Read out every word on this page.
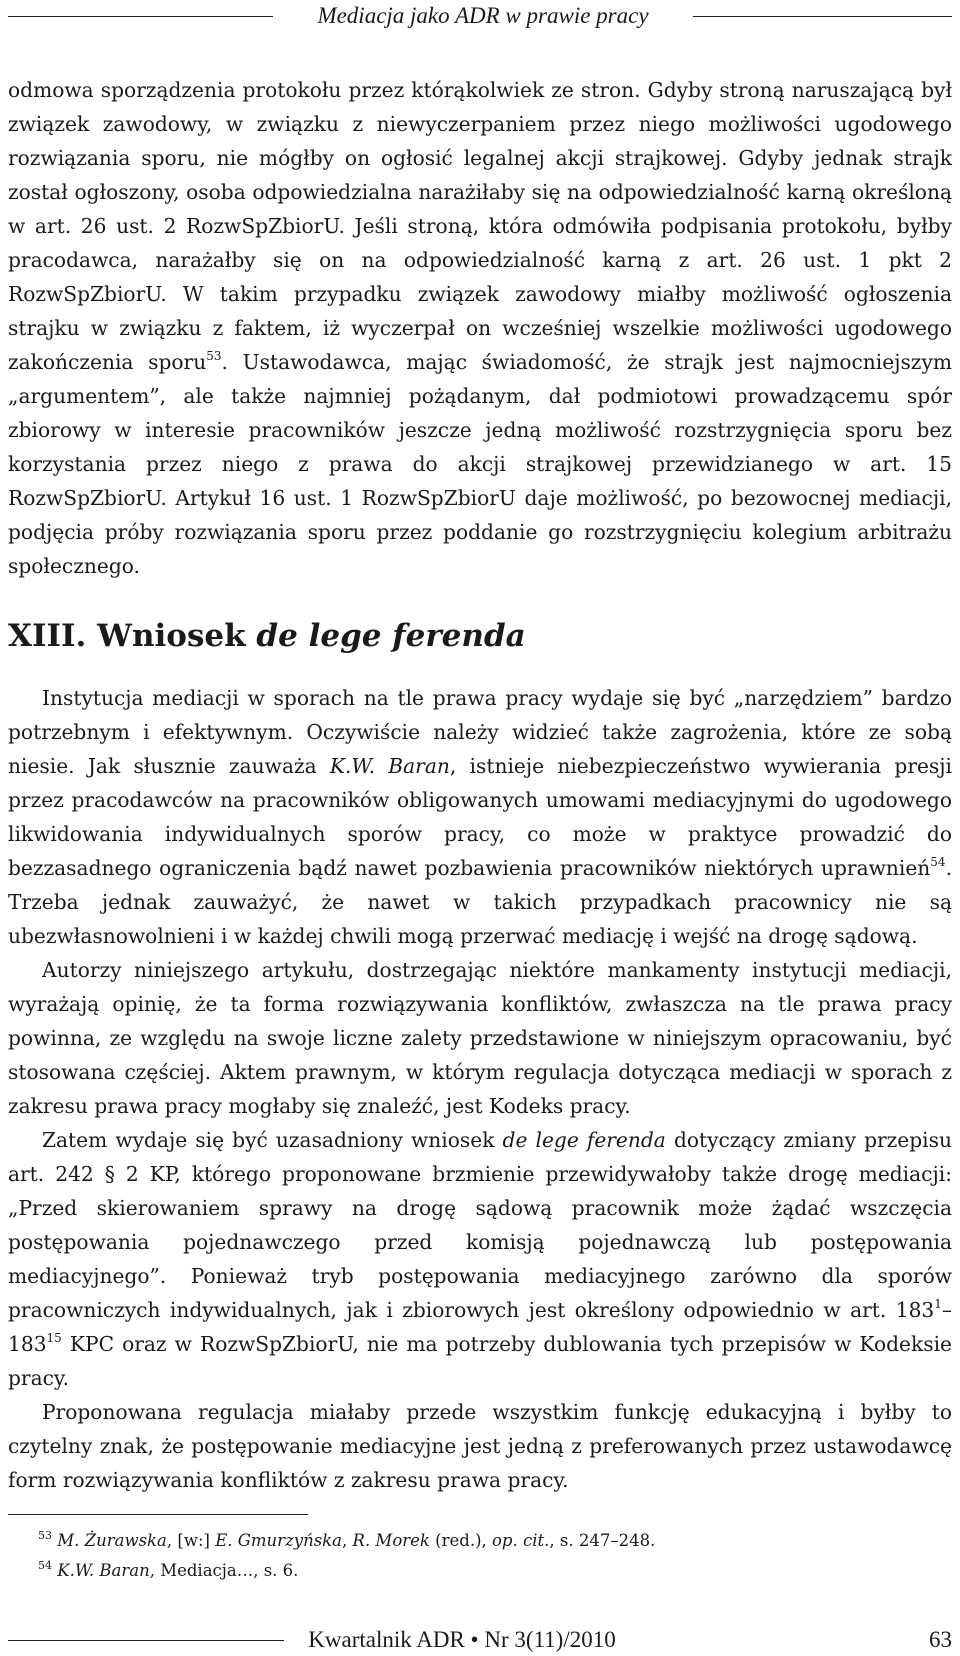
Mediacja jako ADR w prawie pracy

odmowa sporządzenia protokołu przez którąkolwiek ze stron. Gdyby stroną naruszającą był związek zawodowy, w związku z niewyczerpaniem przez niego możliwości ugodowego rozwiązania sporu, nie mógłby on ogłosić legalnej akcji strajkowej. Gdyby jednak strajk został ogłoszony, osoba odpowiedzialna narażiłaby się na odpowiedzialność karną określoną w art. 26 ust. 2 RozwSpZbiorU. Jeśli stroną, która odmówiła podpisania protokołu, byłby pracodawca, narażałby się on na odpowiedzialność karną z art. 26 ust. 1 pkt 2 RozwSpZbiorU. W takim przypadku związek zawodowy miałby możliwość ogłoszenia strajku w związku z faktem, iż wyczerpał on wcześniej wszelkie możliwości ugodowego zakończenia sporu$^{53}$. Ustawodawca, mając świadomość, że strajk jest najmocniejszym „argumentem”, ale także najmniej pożądanym, dał podmiotowi prowadzącemu spór zbiorowy w interesie pracowników jeszcze jedną możliwość rozstrzygnięcia sporu bez korzystania przez niego z prawa do akcji strajkowej przewidzianego w art. 15 RozwSpZbiorU. Artykuł 16 ust. 1 RozwSpZbiorU daje możliwość, po bezowocnej mediacji, podjęcia próby rozwiązania sporu przez poddanie go rozstrzygnięciu kolegium arbitrażu społecznego.

XIII. Wniosek de lege ferenda

Instytucja mediacji w sporach na tle prawa pracy wydaje się być „narzędziem” bardzo potrzebnym i efektywnym. Oczywiście należy widzieć także zagrożenia, które ze sobą niesie. Jak słusznie zauważa K.W. Baran, istnieje niebezpieczeństwo wywierania presji przez pracodawców na pracowników obligowanych umowami mediacyjnymi do ugodowego likwidowania indywidualnych sporów pracy, co może w praktyce prowadzić do bezzasadnego ograniczenia bądź nawet pozbawienia pracowników niektórych uprawnień$^{54}$. Trzeba jednak zauważyć, że nawet w takich przypadkach pracownicy nie są ubezwłasnowolnieni i w każdej chwili mogą przerwać mediację i wejść na drogę sądową.

Autorzy niniejszego artykułu, dostrzegając niektóre mankamenty instytucji mediacji, wyrażają opinię, że ta forma rozwiązywania konfliktów, zwłaszcza na tle prawa pracy powinna, ze względu na swoje liczne zalety przedstawione w niniejszym opracowaniu, być stosowana częściej. Aktem prawnym, w którym regulacja dotycząca mediacji w sporach z zakresu prawa pracy mogłaby się znaleźć, jest Kodeks pracy.

Zatem wydaje się być uzasadniony wniosek de lege ferenda dotyczący zmiany przepisu art. 242 § 2 KP, którego proponowane brzmienie przewidywałoby także drogę mediacji: „Przed skierowaniem sprawy na drogę sądową pracownik może żądać wszczęcia postępowania pojednawczego przed komisją pojednawczą lub postępowania mediacyjnego”. Ponieważ tryb postępowania mediacyjnego zarówno dla sporów pracowniczych indywidualnych, jak i zbiorowych jest określony odpowiednio w art. $183^1-183^{15}$ KPC oraz w RozwSpZbiorU, nie ma potrzeby dublowania tych przepisów w Kodeksie pracy.

Proponowana regulacja miałaby przede wszystkim funkcję edukacyjną i byłby to czytelny znak, że postępowanie mediacyjne jest jedną z preferowanych przez ustawodawcę form rozwiązywania konfliktów z zakresu prawa pracy.

$^{53}$ M. Żurawska, [w:] E. Gmurzyńska, R. Morek (red.), op. cit., s. 247–248.
$^{54}$ K.W. Baran, Mediacja…, s. 6.
Kwartalnik ADR • Nr 3(11)/2010	63
